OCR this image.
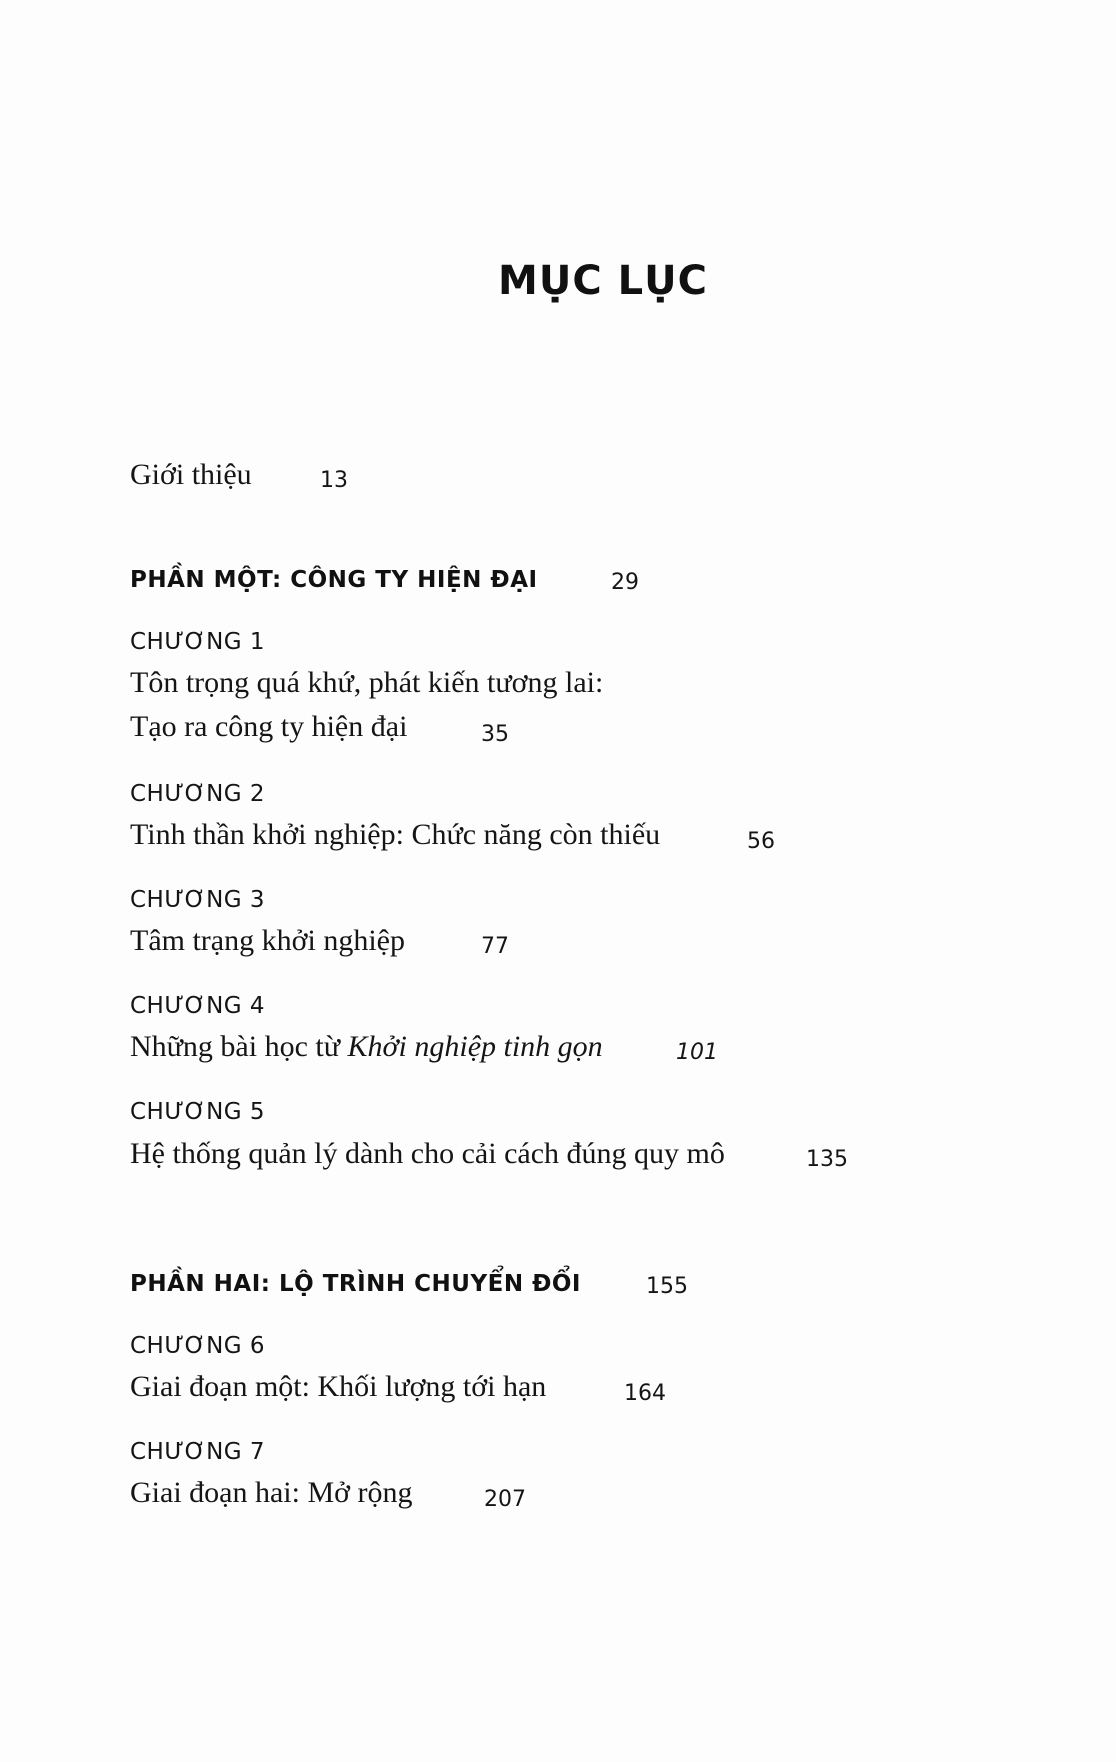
MỤC LỤC
Giới thiệu	13
PHẦN MỘT: CÔNG TY HIỆN ĐẠI	29
CHƯƠNG 1
Tôn trọng quá khứ, phát kiến tương lai:
Tạo ra công ty hiện đại	35
CHƯƠNG 2
Tinh thần khởi nghiệp: Chức năng còn thiếu	56
CHƯƠNG 3
Tâm trạng khởi nghiệp	77
CHƯƠNG 4
Những bài học từ Khởi nghiệp tinh gọn	101
CHƯƠNG 5
Hệ thống quản lý dành cho cải cách đúng quy mô	135
PHẦN HAI: LỘ TRÌNH CHUYỂN ĐỔI	155
CHƯƠNG 6
Giai đoạn một: Khối lượng tới hạn	164
CHƯƠNG 7
Giai đoạn hai: Mở rộng	207
